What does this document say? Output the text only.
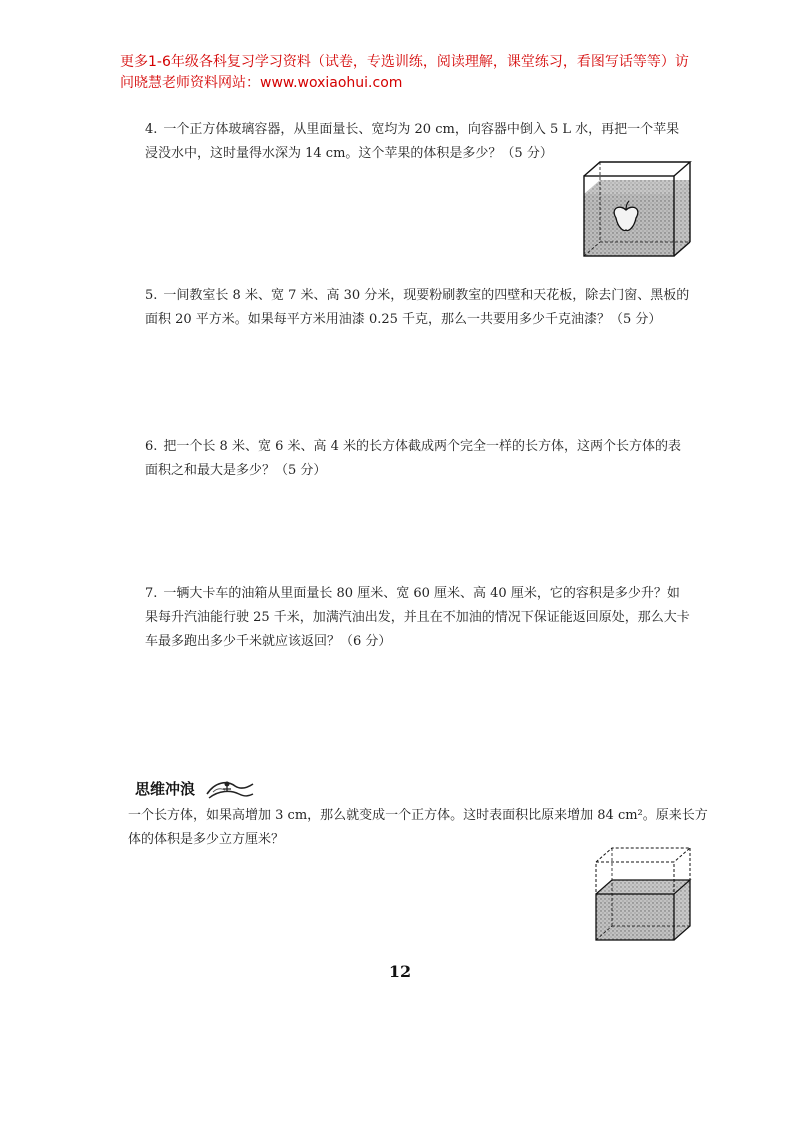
更多1-6年级各科复习学习资料（试卷，专选训练，阅读理解，课堂练习，看图写话等等）访问晓慧老师资料网站：www.woxiaohui.com
4. 一个正方体玻璃容器，从里面量长、宽均为 20 cm，向容器中倒入 5 L 水，再把一个苹果浸没水中，这时量得水深为 14 cm。这个苹果的体积是多少？（5 分）
5. 一间教室长 8 米、宽 7 米、高 30 分米，现要粉刷教室的四壁和天花板，除去门窗、黑板的面积 20 平方米。如果每平方米用油漆 0.25 千克，那么一共要用多少千克油漆？（5 分）
6. 把一个长 8 米、宽 6 米、高 4 米的长方体截成两个完全一样的长方体，这两个长方体的表面积之和最大是多少？（5 分）
7. 一辆大卡车的油箱从里面量长 80 厘米、宽 60 厘米、高 40 厘米，它的容积是多少升？如果每升汽油能行驶 25 千米，加满汽油出发，并且在不加油的情况下保证能返回原处，那么大卡车最多跑出多少千米就应该返回？（6 分）
思维冲浪
一个长方体，如果高增加 3 cm，那么就变成一个正方体。这时表面积比原来增加 84 cm²。原来长方体的体积是多少立方厘米？
12
